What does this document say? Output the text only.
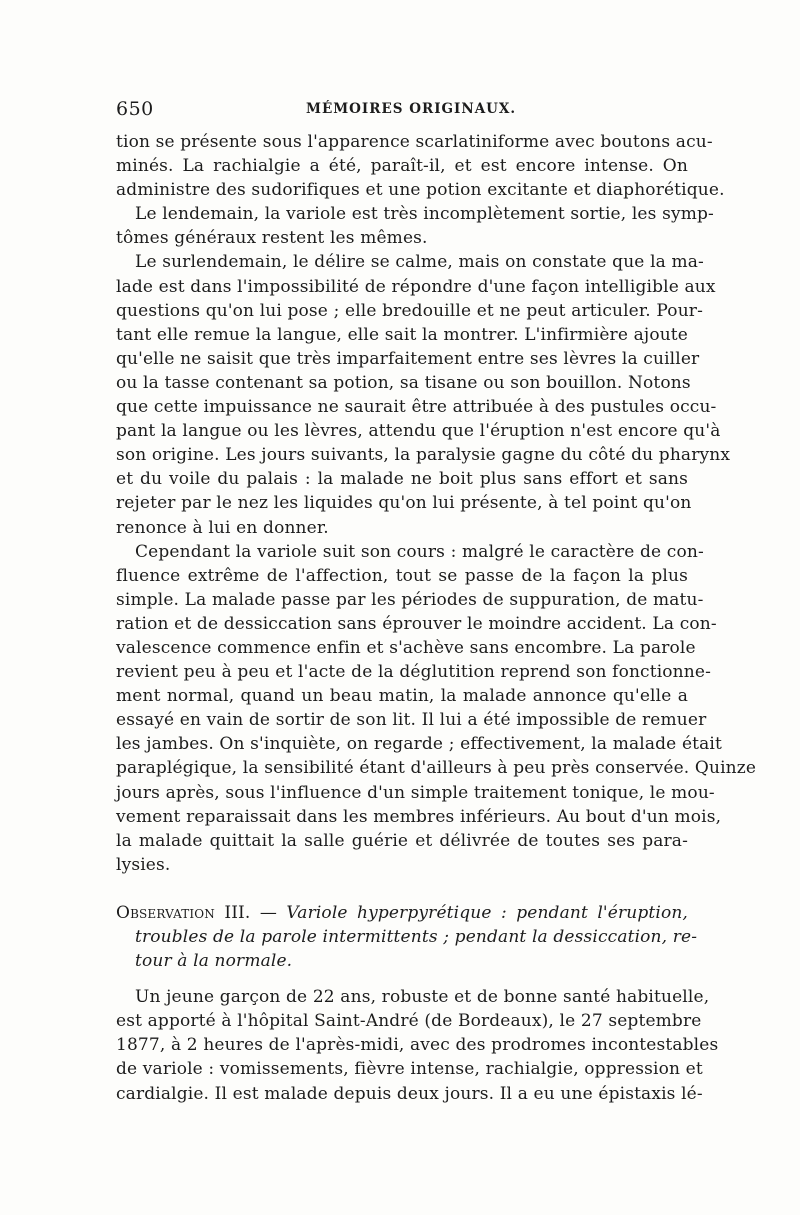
650	MÉMOIRES ORIGINAUX.
tion se présente sous l'apparence scarlatiniforme avec boutons acu-
minés. La rachialgie a été, paraît-il, et est encore intense. On
administre des sudorifiques et une potion excitante et diaphorétique.
Le lendemain, la variole est très incomplètement sortie, les symp-
tômes généraux restent les mêmes.
Le surlendemain, le délire se calme, mais on constate que la ma-
lade est dans l'impossibilité de répondre d'une façon intelligible aux
questions qu'on lui pose ; elle bredouille et ne peut articuler. Pour-
tant elle remue la langue, elle sait la montrer. L'infirmière ajoute
qu'elle ne saisit que très imparfaitement entre ses lèvres la cuiller
ou la tasse contenant sa potion, sa tisane ou son bouillon. Notons
que cette impuissance ne saurait être attribuée à des pustules occu-
pant la langue ou les lèvres, attendu que l'éruption n'est encore qu'à
son origine. Les jours suivants, la paralysie gagne du côté du pharynx
et du voile du palais : la malade ne boit plus sans effort et sans
rejeter par le nez les liquides qu'on lui présente, à tel point qu'on
renonce à lui en donner.
Cependant la variole suit son cours : malgré le caractère de con-
fluence extrême de l'affection, tout se passe de la façon la plus
simple. La malade passe par les périodes de suppuration, de matu-
ration et de dessiccation sans éprouver le moindre accident. La con-
valescence commence enfin et s'achève sans encombre. La parole
revient peu à peu et l'acte de la déglutition reprend son fonctionne-
ment normal, quand un beau matin, la malade annonce qu'elle a
essayé en vain de sortir de son lit. Il lui a été impossible de remuer
les jambes. On s'inquiète, on regarde ; effectivement, la malade était
paraplégique, la sensibilité étant d'ailleurs à peu près conservée. Quinze
jours après, sous l'influence d'un simple traitement tonique, le mou-
vement reparaissait dans les membres inférieurs. Au bout d'un mois,
la malade quittait la salle guérie et délivrée de toutes ses para-
lysies.
Observation III. — Variole hyperpyrétique : pendant l'éruption,
troubles de la parole intermittents ; pendant la dessiccation, re-
tour à la normale.
Un jeune garçon de 22 ans, robuste et de bonne santé habituelle,
est apporté à l'hôpital Saint-André (de Bordeaux), le 27 septembre
1877, à 2 heures de l'après-midi, avec des prodromes incontestables
de variole : vomissements, fièvre intense, rachialgie, oppression et
cardialgie. Il est malade depuis deux jours. Il a eu une épistaxis lé-
